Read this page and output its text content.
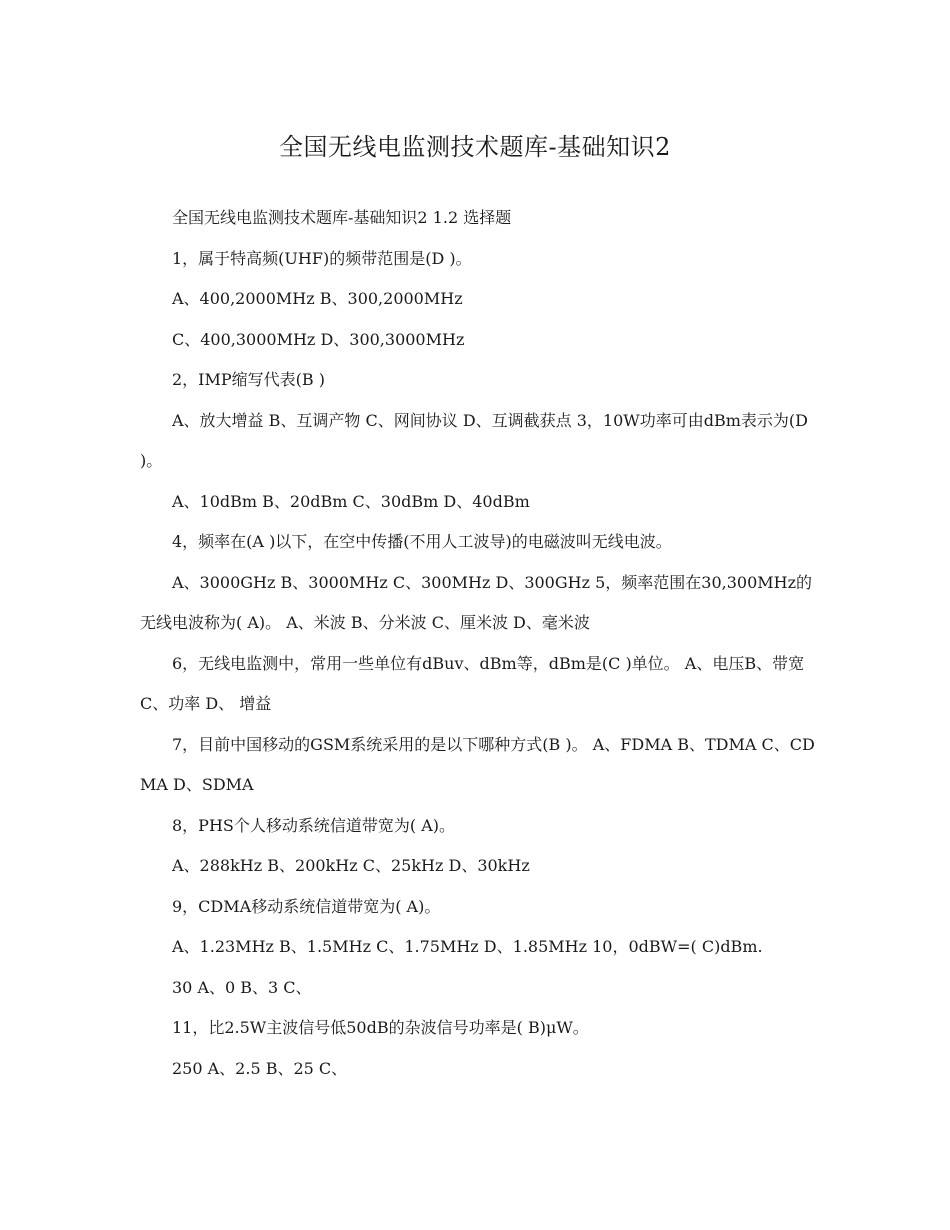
全国无线电监测技术题库-基础知识2

全国无线电监测技术题库-基础知识2 1.2 选择题

1，属于特高频(UHF)的频带范围是(D )。

A、400,2000MHz B、300,2000MHz

C、400,3000MHz D、300,3000MHz

2，IMP缩写代表(B )

A、放大增益 B、互调产物 C、网间协议 D、互调截获点 3，10W功率可由dBm表示为(D )。

A、10dBm B、20dBm C、30dBm D、40dBm

4，频率在(A )以下，在空中传播(不用人工波导)的电磁波叫无线电波。

A、3000GHz B、3000MHz C、300MHz D、300GHz 5，频率范围在30,300MHz的无线电波称为( A)。 A、米波 B、分米波 C、厘米波 D、毫米波

6，无线电监测中，常用一些单位有dBuv、dBm等，dBm是(C )单位。 A、电压B、带宽 C、功率 D、 增益

7，目前中国移动的GSM系统采用的是以下哪种方式(B )。 A、FDMA B、TDMA C、CDMA D、SDMA

8，PHS个人移动系统信道带宽为( A)。

A、288kHz B、200kHz C、25kHz D、30kHz

9，CDMA移动系统信道带宽为( A)。

A、1.23MHz B、1.5MHz C、1.75MHz D、1.85MHz 10，0dBW=( C)dBm.

30 A、0 B、3 C、

11，比2.5W主波信号低50dB的杂波信号功率是( B)μW。

250 A、2.5 B、25 C、
